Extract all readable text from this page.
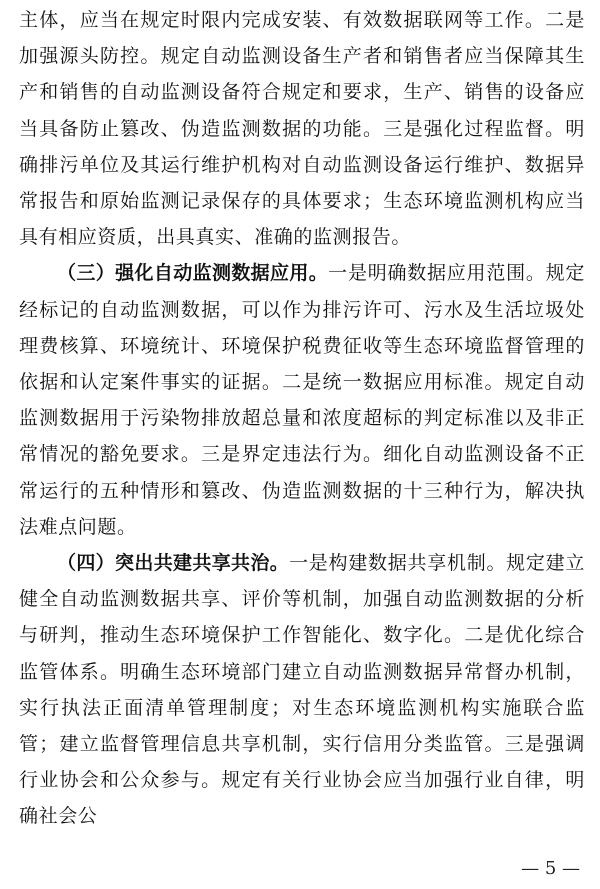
主体，应当在规定时限内完成安装、有效数据联网等工作。二是加强源头防控。规定自动监测设备生产者和销售者应当保障其生产和销售的自动监测设备符合规定和要求，生产、销售的设备应当具备防止篡改、伪造监测数据的功能。三是强化过程监督。明确排污单位及其运行维护机构对自动监测设备运行维护、数据异常报告和原始监测记录保存的具体要求；生态环境监测机构应当具有相应资质，出具真实、准确的监测报告。

（三）强化自动监测数据应用。一是明确数据应用范围。规定经标记的自动监测数据，可以作为排污许可、污水及生活垃圾处理费核算、环境统计、环境保护税费征收等生态环境监督管理的依据和认定案件事实的证据。二是统一数据应用标准。规定自动监测数据用于污染物排放超总量和浓度超标的判定标准以及非正常情况的豁免要求。三是界定违法行为。细化自动监测设备不正常运行的五种情形和篡改、伪造监测数据的十三种行为，解决执法难点问题。

（四）突出共建共享共治。一是构建数据共享机制。规定建立健全自动监测数据共享、评价等机制，加强自动监测数据的分析与研判，推动生态环境保护工作智能化、数字化。二是优化综合监管体系。明确生态环境部门建立自动监测数据异常督办机制，实行执法正面清单管理制度；对生态环境监测机构实施联合监管；建立监督管理信息共享机制，实行信用分类监管。三是强调行业协会和公众参与。规定有关行业协会应当加强行业自律，明确社会公

— 5 —
